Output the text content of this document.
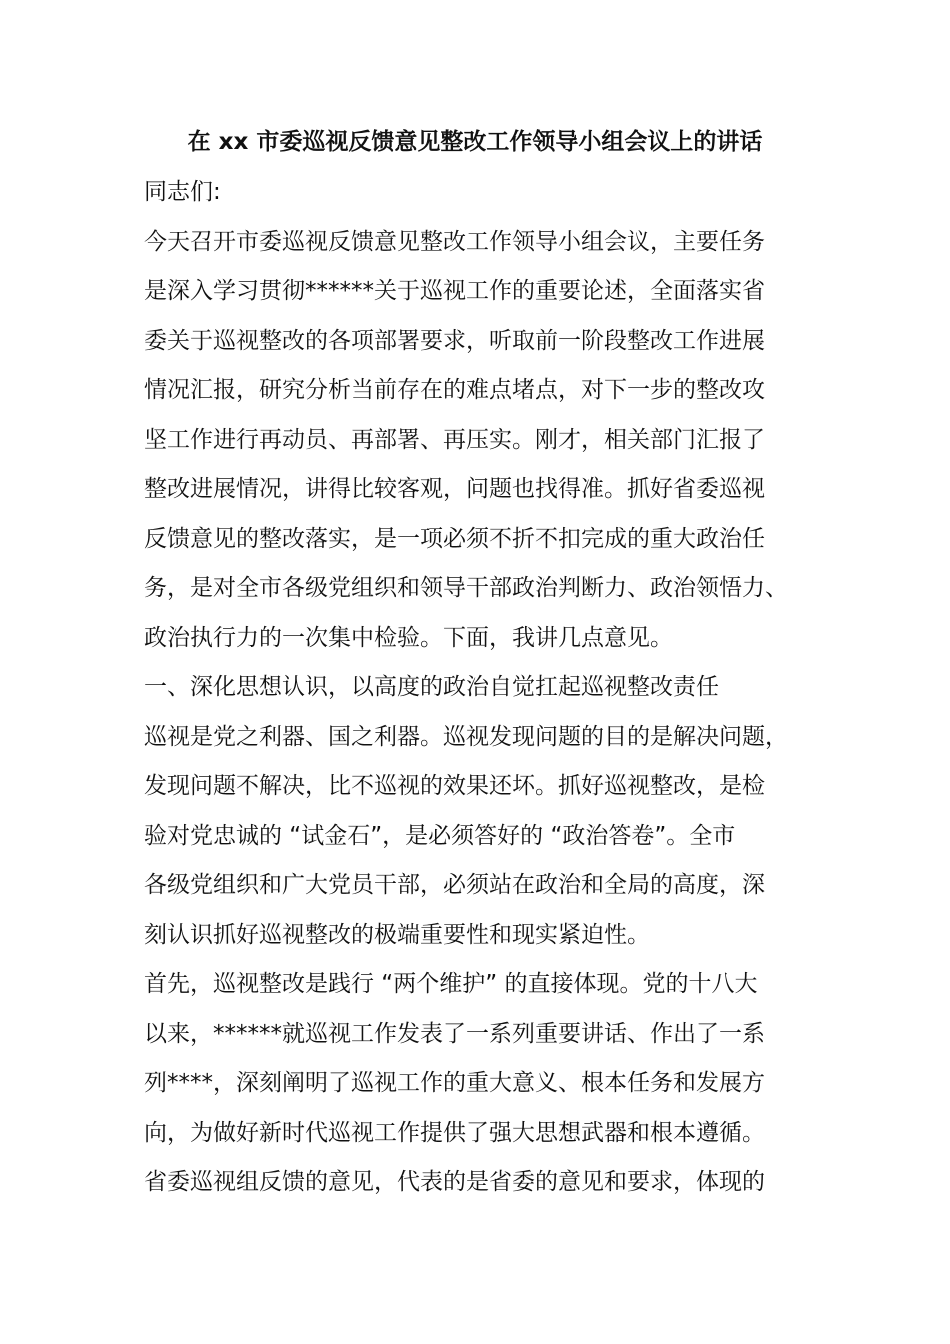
在 xx 市委巡视反馈意见整改工作领导小组会议上的讲话
同志们:
今天召开市委巡视反馈意见整改工作领导小组会议，主要任务
是深入学习贯彻******关于巡视工作的重要论述，全面落实省
委关于巡视整改的各项部署要求，听取前一阶段整改工作进展
情况汇报，研究分析当前存在的难点堵点，对下一步的整改攻
坚工作进行再动员、再部署、再压实。刚才，相关部门汇报了
整改进展情况，讲得比较客观，问题也找得准。抓好省委巡视
反馈意见的整改落实，是一项必须不折不扣完成的重大政治任
务，是对全市各级党组织和领导干部政治判断力、政治领悟力、
政治执行力的一次集中检验。下面，我讲几点意见。
一、深化思想认识，以高度的政治自觉扛起巡视整改责任
巡视是党之利器、国之利器。巡视发现问题的目的是解决问题，
发现问题不解决，比不巡视的效果还坏。抓好巡视整改，是检
验对党忠诚的 “试金石”，是必须答好的 “政治答卷”。全市
各级党组织和广大党员干部，必须站在政治和全局的高度，深
刻认识抓好巡视整改的极端重要性和现实紧迫性。
首先，巡视整改是践行 “两个维护” 的直接体现。党的十八大
以来，******就巡视工作发表了一系列重要讲话、作出了一系
列****，深刻阐明了巡视工作的重大意义、根本任务和发展方
向，为做好新时代巡视工作提供了强大思想武器和根本遵循。
省委巡视组反馈的意见，代表的是省委的意见和要求，体现的
